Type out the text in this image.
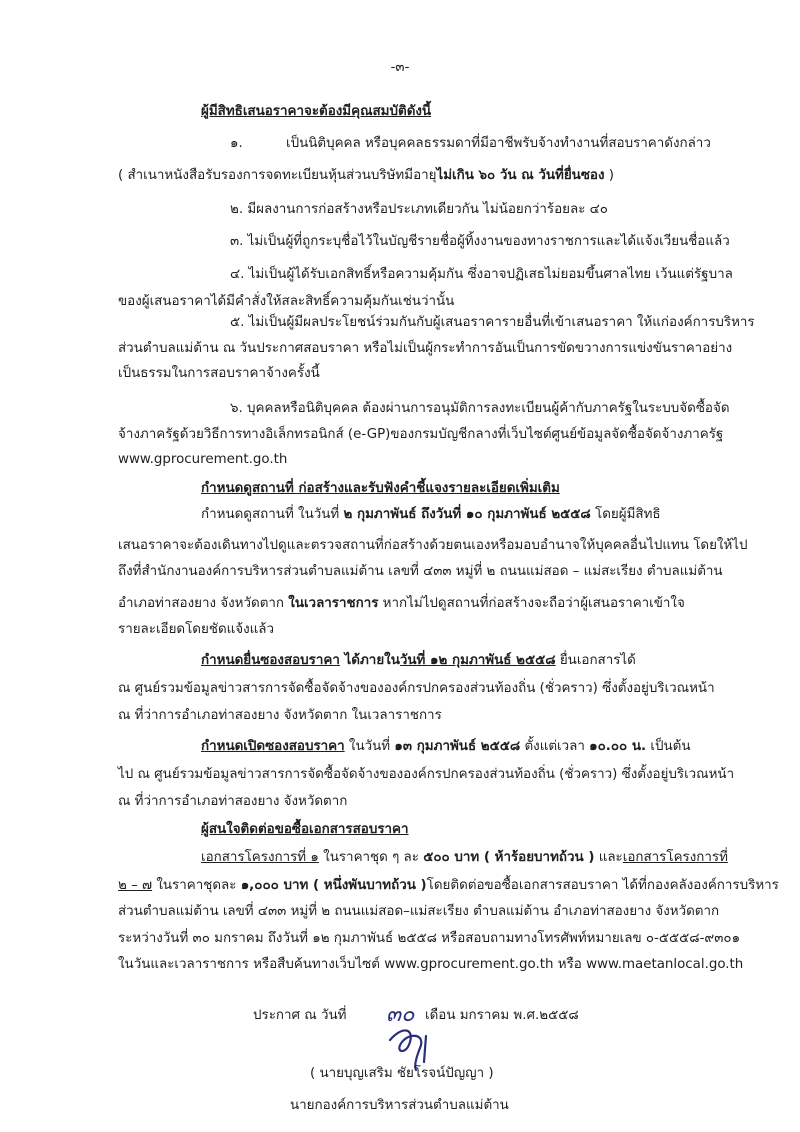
-๓-
ผู้มีสิทธิเสนอราคาจะต้องมีคุณสมบัติดังนี้
๑.	เป็นนิติบุคคล หรือบุคคลธรรมดาที่มีอาชีพรับจ้างทำงานที่สอบราคาดังกล่าว
( สำเนาหนังสือรับรองการจดทะเบียนหุ้นส่วนบริษัทมีอายุไม่เกิน ๖๐ วัน ณ วันที่ยื่นซอง )
๒. มีผลงานการก่อสร้างหรือประเภทเดียวกัน ไม่น้อยกว่าร้อยละ ๔๐
๓. ไม่เป็นผู้ที่ถูกระบุชื่อไว้ในบัญชีรายชื่อผู้ทิ้งงานของทางราชการและได้แจ้งเวียนชื่อแล้ว
๔. ไม่เป็นผู้ได้รับเอกสิทธิ์หรือความคุ้มกัน ซึ่งอาจปฏิเสธไม่ยอมขึ้นศาลไทย เว้นแต่รัฐบาล
ของผู้เสนอราคาได้มีคำสั่งให้สละสิทธิ์ความคุ้มกันเช่นว่านั้น
๕. ไม่เป็นผู้มีผลประโยชน์ร่วมกันกับผู้เสนอราคารายอื่นที่เข้าเสนอราคา ให้แก่องค์การบริหาร
ส่วนตำบลแม่ต้าน ณ วันประกาศสอบราคา หรือไม่เป็นผู้กระทำการอันเป็นการขัดขวางการแข่งขันราคาอย่าง
เป็นธรรมในการสอบราคาจ้างครั้งนี้
๖. บุคคลหรือนิติบุคคล ต้องผ่านการอนุมัติการลงทะเบียนผู้ค้ากับภาครัฐในระบบจัดซื้อจัด
จ้างภาครัฐด้วยวิธีการทางอิเล็กทรอนิกส์ (e-GP)ของกรมบัญชีกลางที่เว็บไซต์ศูนย์ข้อมูลจัดซื้อจัดจ้างภาครัฐ
www.gprocurement.go.th
กำหนดดูสถานที่ ก่อสร้างและรับฟังคำชี้แจงรายละเอียดเพิ่มเติม
กำหนดดูสถานที่ ในวันที่ ๒ กุมภาพันธ์ ถึงวันที่ ๑๐ กุมภาพันธ์ ๒๕๕๘ โดยผู้มีสิทธิ
เสนอราคาจะต้องเดินทางไปดูและตรวจสถานที่ก่อสร้างด้วยตนเองหรือมอบอำนาจให้บุคคลอื่นไปแทน โดยให้ไป
ถึงที่สำนักงานองค์การบริหารส่วนตำบลแม่ต้าน เลขที่ ๔๓๓ หมู่ที่ ๒ ถนนแม่สอด – แม่สะเรียง ตำบลแม่ต้าน
อำเภอท่าสองยาง จังหวัดตาก ในเวลาราชการ หากไม่ไปดูสถานที่ก่อสร้างจะถือว่าผู้เสนอราคาเข้าใจ
รายละเอียดโดยชัดแจ้งแล้ว
กำหนดยื่นซองสอบราคา ได้ภายในวันที่ ๑๒ กุมภาพันธ์ ๒๕๕๘ ยื่นเอกสารได้
ณ ศูนย์รวมข้อมูลข่าวสารการจัดซื้อจัดจ้างขององค์กรปกครองส่วนท้องถิ่น (ชั่วคราว) ซึ่งตั้งอยู่บริเวณหน้า
ณ ที่ว่าการอำเภอท่าสองยาง จังหวัดตาก ในเวลาราชการ
กำหนดเปิดซองสอบราคา ในวันที่ ๑๓ กุมภาพันธ์ ๒๕๕๘ ตั้งแต่เวลา ๑๐.๐๐ น. เป็นต้น
ไป ณ ศูนย์รวมข้อมูลข่าวสารการจัดซื้อจัดจ้างขององค์กรปกครองส่วนท้องถิ่น (ชั่วคราว) ซึ่งตั้งอยู่บริเวณหน้า
ณ ที่ว่าการอำเภอท่าสองยาง จังหวัดตาก
ผู้สนใจติดต่อขอซื้อเอกสารสอบราคา
เอกสารโครงการที่ ๑ ในราคาชุด ๆ ละ ๕๐๐ บาท ( ห้าร้อยบาทถ้วน ) และเอกสารโครงการที่
๒ – ๗ ในราคาชุดละ ๑,๐๐๐ บาท ( หนึ่งพันบาทถ้วน )โดยติดต่อขอซื้อเอกสารสอบราคา ได้ที่กองคลังองค์การบริหาร
ส่วนตำบลแม่ต้าน เลขที่ ๔๓๓ หมู่ที่ ๒ ถนนแม่สอด–แม่สะเรียง ตำบลแม่ต้าน อำเภอท่าสองยาง จังหวัดตาก
ระหว่างวันที่ ๓๐ มกราคม ถึงวันที่ ๑๒ กุมภาพันธ์ ๒๕๕๘ หรือสอบถามทางโทรศัพท์หมายเลข ๐-๕๕๕๘-๙๓๐๑
ในวันและเวลาราชการ หรือสืบค้นทางเว็บไซต์ www.gprocurement.go.th หรือ www.maetanlocal.go.th
ประกาศ ณ วันที่ ๓๐ เดือน มกราคม พ.ศ.๒๕๕๘
( นายบุญเสริม ชัยโรจน์ปัญญา )
นายกองค์การบริหารส่วนตำบลแม่ต้าน
